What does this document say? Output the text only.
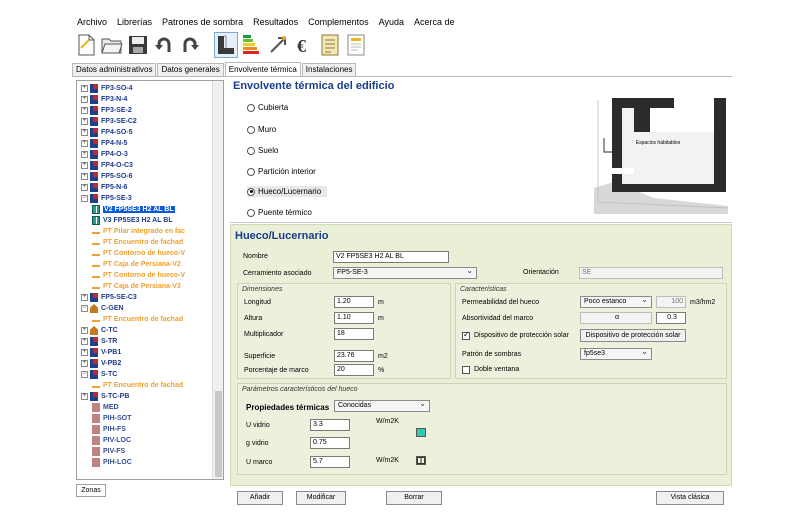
Archivo	Librerías	Patrones de sombra	Resultados	Complementos	Ayuda	Acerca de
€
Datos administrativos	Datos generales	Envolvente térmica	Instalaciones
+ FP3-SO-4
+ FP3-N-4
+ FP3-SE-2
+ FP3-SE-C2
+ FP4-SO-5
+ FP4-N-5
+ FP4-O-3
+ FP4-O-C3
+ FP5-SO-6
+ FP5-N-6
− FP5-SE-3
V2 FP5SE3 H2 AL BL
V3 FP5SE3 H2 AL BL
PT Pilar integrado en fac
PT Encuentro de fachad
PT Contorno de hueco-V
PT Caja de Persiana-V2
PT Contorno de hueco-V
PT Caja de Persiana-V3
+ FP5-SE-C3
− C-GEN
PT Encuentro de fachad
+ C-TC
+ S-TR
+ V-PB1
+ V-PB2
− S-TC
PT Encuentro de fachad
+ S-TC-PB
MED
PIH-SOT
PIH-FS
PIV-LOC
PIV-FS
PIH-LOC
Zonas
Envolvente térmica del edificio
Cubierta
Muro
Suelo
Partición interior
Hueco/Lucernario
Puente térmico
Espacios habitables
Hueco/Lucernario
Nombre	V2 FP5SE3 H2 AL BL
Cerramiento asociado	FP5-SE-3 ⌄	Orientación	SE
Dimensiones
Longitud	1.20	m
Altura	1.10	m
Multiplicador	18
Superficie	23.76	m2
Porcentaje de marco	20	%
Características
Permeabilidad del hueco	Poco estanco ⌄	100	m3/hm2
Absortividad del marco	α	0.3
✓
Dispositivo de protección solar	Dispositivo de protección solar
Patrón de sombras	fp5se3 ⌄
Doble ventana
Parámetros característicos del hueco
Propiedades térmicas	Conocidas ⌄
U vidrio	3.3	W/m2K
g vidrio	0.75
U marco	5.7	W/m2K
Añadir	Modificar	Borrar	Vista clásica
